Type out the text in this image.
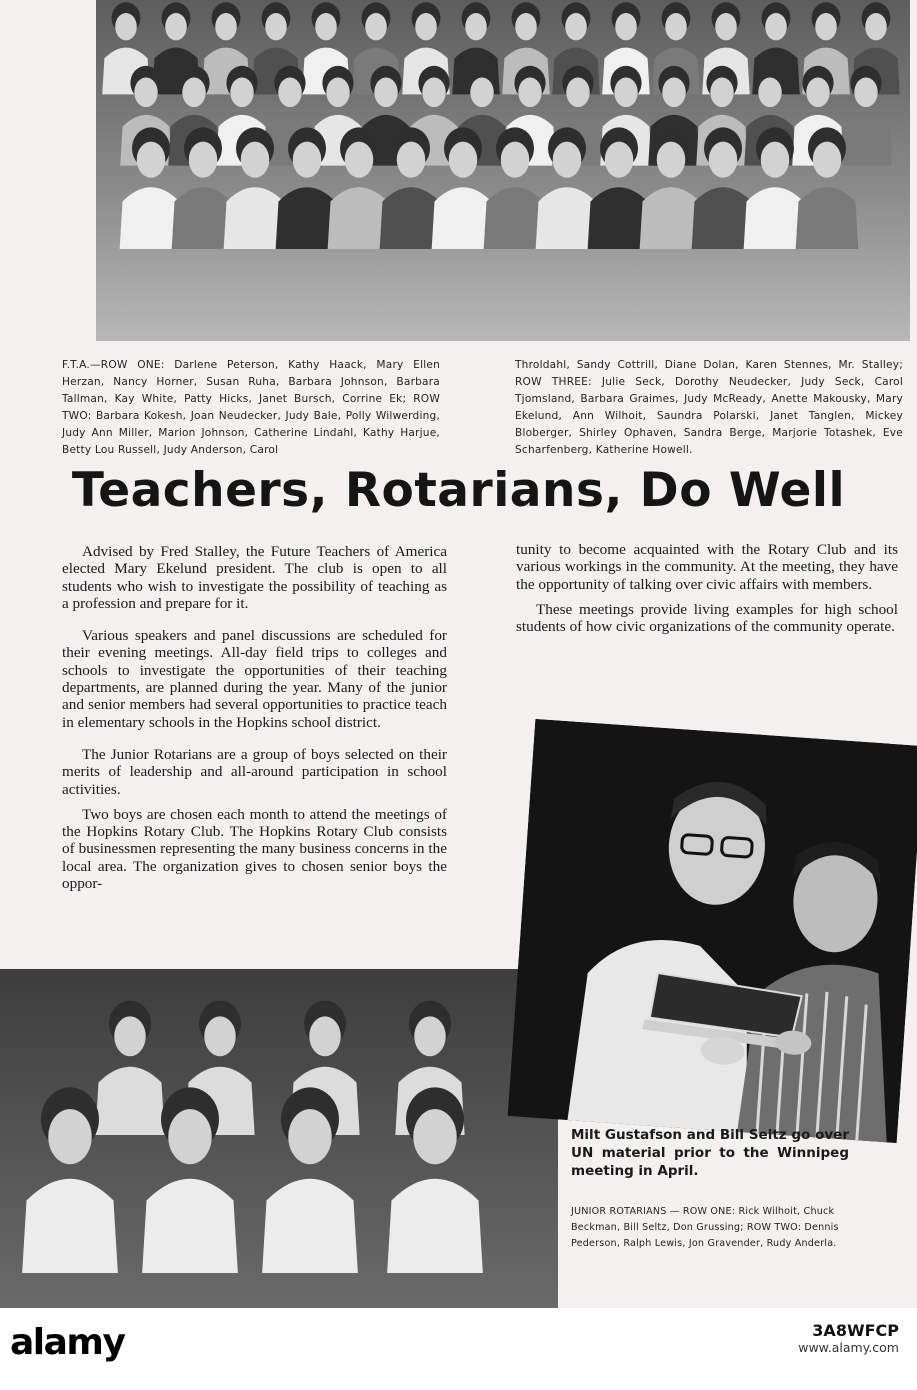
F.T.A.—ROW ONE: Darlene Peterson, Kathy Haack, Mary Ellen Herzan, Nancy Horner, Susan Ruha, Barbara Johnson, Barbara Tallman, Kay White, Patty Hicks, Janet Bursch, Corrine Ek; ROW TWO: Barbara Kokesh, Joan Neudecker, Judy Bale, Polly Wilwerding, Judy Ann Miller, Marion Johnson, Catherine Lindahl, Kathy Harjue, Betty Lou Russell, Judy Anderson, Carol
Throldahl, Sandy Cottrill, Diane Dolan, Karen Stennes, Mr. Stalley; ROW THREE: Julie Seck, Dorothy Neudecker, Judy Seck, Carol Tjomsland, Barbara Graimes, Judy McReady, Anette Makousky, Mary Ekelund, Ann Wilhoit, Saundra Polarski, Janet Tanglen, Mickey Bloberger, Shirley Ophaven, Sandra Berge, Marjorie Totashek, Eve Scharfenberg, Katherine Howell.
Teachers, Rotarians, Do Well

Advised by Fred Stalley, the Future Teachers of America elected Mary Ekelund president. The club is open to all students who wish to investigate the possibility of teaching as a profession and prepare for it.

Various speakers and panel discussions are scheduled for their evening meetings. All-day field trips to colleges and schools to investigate the opportunities of their teaching departments, are planned during the year. Many of the junior and senior members had several opportunities to practice teach in elementary schools in the Hopkins school district.

The Junior Rotarians are a group of boys selected on their merits of leadership and all-around participation in school activities.

Two boys are chosen each month to attend the meetings of the Hopkins Rotary Club. The Hopkins Rotary Club consists of businessmen representing the many business concerns in the local area. The organization gives to chosen senior boys the oppor-

tunity to become acquainted with the Rotary Club and its various workings in the community. At the meeting, they have the opportunity of talking over civic affairs with members.

These meetings provide living examples for high school students of how civic organizations of the community operate.

Milt Gustafson and Bill Seltz go over UN material prior to the Winnipeg meeting in April.
JUNIOR ROTARIANS — ROW ONE: Rick Wilhoit, Chuck Beckman, Bill Seltz, Don Grussing; ROW TWO: Dennis Pederson, Ralph Lewis, Jon Gravender, Rudy Anderla.
alamy	3A8WFCP
www.alamy.com
